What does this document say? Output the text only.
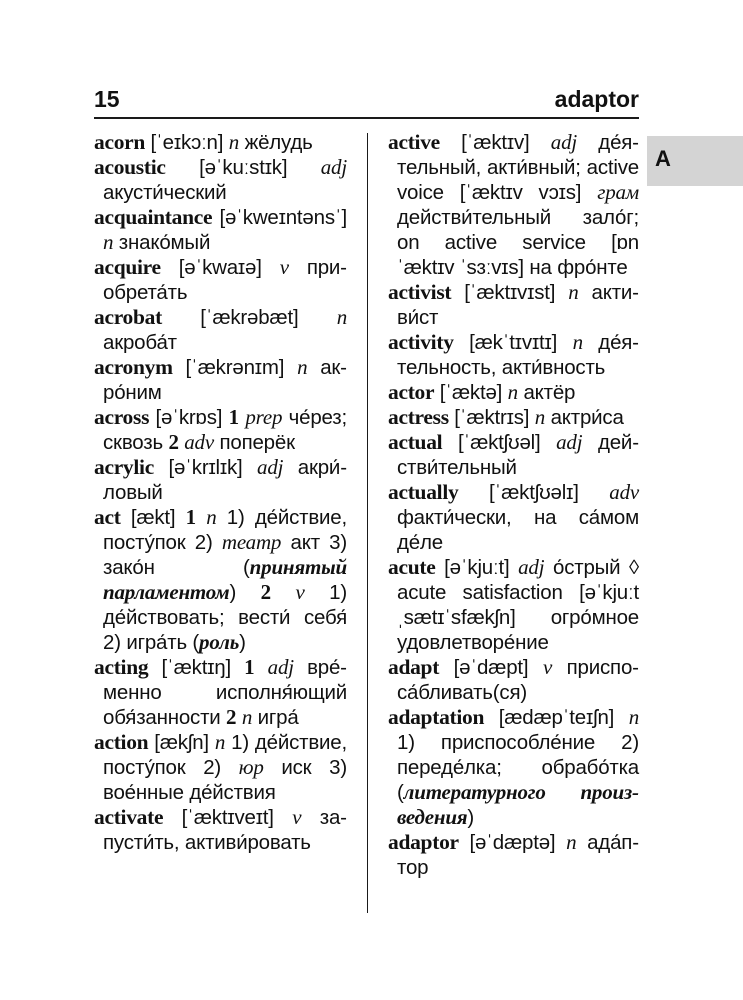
15	adaptor

acorn [ˈeɪkɔːn] n жёлудь

acoustic [əˈkuːstɪk] adj акусти́ческий

acquaintance [əˈkweɪntənsˈ] n знако́мый

acquire [əˈkwaɪə] v приобрета́ть

acrobat [ˈækrəbæt] n акроба́т

acronym [ˈækrənɪm] n акро́ним

across [əˈkrɒs] 1 prep че́рез; сквозь 2 adv поперёк

acrylic [əˈkrɪlɪk] adj акри́ловый

act [ækt] 1 n 1) де́йствие, посту́пок 2) театр акт 3) зако́н (принятый парламентом) 2 v 1) де́йствовать; вести́ себя́ 2) игра́ть (роль)

acting [ˈæktɪŋ] 1 adj вре́менно исполня́ющий обя́занности 2 n игра́

action [ækʃn] n 1) де́йствие, посту́пок 2) юр иск 3) вое́нные де́йствия

activate [ˈæktɪveɪt] v запусти́ть, активи́ровать

active [ˈæktɪv] adj де́ятельный, акти́вный; active voice [ˈæktɪv vɔɪs] грам действи́тельный зало́г; on active service [ɒn ˈæktɪv ˈsɜːvɪs] на фро́нте

activist [ˈæktɪvɪst] n активи́ст

activity [ækˈtɪvɪtɪ] n де́ятельность, акти́вность

actor [ˈæktə] n актёр

actress [ˈæktrɪs] n актри́са

actual [ˈæktʃʊəl] adj действи́тельный

actually [ˈæktʃʊəlɪ] adv факти́чески, на са́мом де́ле

acute [əˈkjuːt] adj о́стрый ◊ acute satisfaction [əˈkjuːt ˌsætɪˈsfækʃn] огро́мное удовлетворе́ние

adapt [əˈdæpt] v приспоса́бливать(ся)

adaptation [ædæpˈteɪʃn] n 1) приспособле́ние 2) переде́лка; обрабо́тка (литературного произведения)

adaptor [əˈdæptə] n ада́птор

A
